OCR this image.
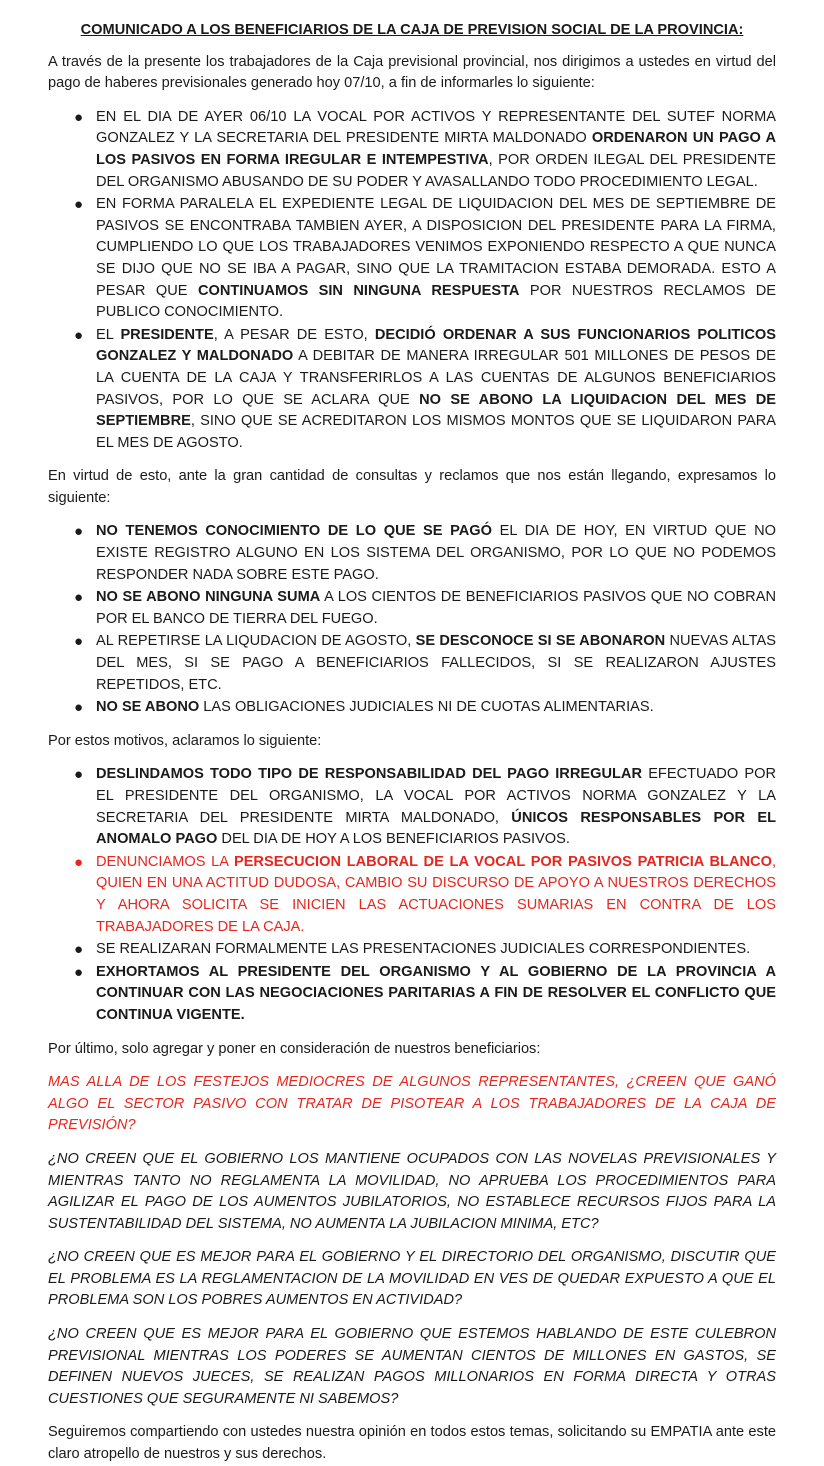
COMUNICADO A LOS BENEFICIARIOS DE LA CAJA DE PREVISION SOCIAL DE LA PROVINCIA:

A través de la presente los trabajadores de la Caja previsional provincial, nos dirigimos a ustedes en virtud del pago de haberes previsionales generado hoy 07/10, a fin de informarles lo siguiente:

● EN EL DIA DE AYER 06/10 LA VOCAL POR ACTIVOS Y REPRESENTANTE DEL SUTEF NORMA GONZALEZ Y LA SECRETARIA DEL PRESIDENTE MIRTA MALDONADO ORDENARON UN PAGO A LOS PASIVOS EN FORMA IREGULAR E INTEMPESTIVA, POR ORDEN ILEGAL DEL PRESIDENTE DEL ORGANISMO ABUSANDO DE SU PODER Y AVASALLANDO TODO PROCEDIMIENTO LEGAL.
● EN FORMA PARALELA EL EXPEDIENTE LEGAL DE LIQUIDACION DEL MES DE SEPTIEMBRE DE PASIVOS SE ENCONTRABA TAMBIEN AYER, A DISPOSICION DEL PRESIDENTE PARA LA FIRMA, CUMPLIENDO LO QUE LOS TRABAJADORES VENIMOS EXPONIENDO RESPECTO A QUE NUNCA SE DIJO QUE NO SE IBA A PAGAR, SINO QUE LA TRAMITACION ESTABA DEMORADA. ESTO A PESAR QUE CONTINUAMOS SIN NINGUNA RESPUESTA POR NUESTROS RECLAMOS DE PUBLICO CONOCIMIENTO.
● EL PRESIDENTE, A PESAR DE ESTO, DECIDIÓ ORDENAR A SUS FUNCIONARIOS POLITICOS GONZALEZ Y MALDONADO A DEBITAR DE MANERA IRREGULAR 501 MILLONES DE PESOS DE LA CUENTA DE LA CAJA Y TRANSFERIRLOS A LAS CUENTAS DE ALGUNOS BENEFICIARIOS PASIVOS, POR LO QUE SE ACLARA QUE NO SE ABONO LA LIQUIDACION DEL MES DE SEPTIEMBRE, SINO QUE SE ACREDITARON LOS MISMOS MONTOS QUE SE LIQUIDARON PARA EL MES DE AGOSTO.

En virtud de esto, ante la gran cantidad de consultas y reclamos que nos están llegando, expresamos lo siguiente:

● NO TENEMOS CONOCIMIENTO DE LO QUE SE PAGÓ EL DIA DE HOY, EN VIRTUD QUE NO EXISTE REGISTRO ALGUNO EN LOS SISTEMA DEL ORGANISMO, POR LO QUE NO PODEMOS RESPONDER NADA SOBRE ESTE PAGO.
● NO SE ABONO NINGUNA SUMA A LOS CIENTOS DE BENEFICIARIOS PASIVOS QUE NO COBRAN POR EL BANCO DE TIERRA DEL FUEGO.
● AL REPETIRSE LA LIQUDACION DE AGOSTO, SE DESCONOCE SI SE ABONARON NUEVAS ALTAS DEL MES, SI SE PAGO A BENEFICIARIOS FALLECIDOS, SI SE REALIZARON AJUSTES REPETIDOS, ETC.
● NO SE ABONO LAS OBLIGACIONES JUDICIALES NI DE CUOTAS ALIMENTARIAS.

Por estos motivos, aclaramos lo siguiente:

● DESLINDAMOS TODO TIPO DE RESPONSABILIDAD DEL PAGO IRREGULAR EFECTUADO POR EL PRESIDENTE DEL ORGANISMO, LA VOCAL POR ACTIVOS NORMA GONZALEZ Y LA SECRETARIA DEL PRESIDENTE MIRTA MALDONADO, ÚNICOS RESPONSABLES POR EL ANOMALO PAGO DEL DIA DE HOY A LOS BENEFICIARIOS PASIVOS.
● DENUNCIAMOS LA PERSECUCION LABORAL DE LA VOCAL POR PASIVOS PATRICIA BLANCO, QUIEN EN UNA ACTITUD DUDOSA, CAMBIO SU DISCURSO DE APOYO A NUESTROS DERECHOS Y AHORA SOLICITA SE INICIEN LAS ACTUACIONES SUMARIAS EN CONTRA DE LOS TRABAJADORES DE LA CAJA.
● SE REALIZARAN FORMALMENTE LAS PRESENTACIONES JUDICIALES CORRESPONDIENTES.
● EXHORTAMOS AL PRESIDENTE DEL ORGANISMO Y AL GOBIERNO DE LA PROVINCIA A CONTINUAR CON LAS NEGOCIACIONES PARITARIAS A FIN DE RESOLVER EL CONFLICTO QUE CONTINUA VIGENTE.

Por último, solo agregar y poner en consideración de nuestros beneficiarios:

MAS ALLA DE LOS FESTEJOS MEDIOCRES DE ALGUNOS REPRESENTANTES, ¿CREEN QUE GANÓ ALGO EL SECTOR PASIVO CON TRATAR DE PISOTEAR A LOS TRABAJADORES DE LA CAJA DE PREVISIÓN?

¿NO CREEN QUE EL GOBIERNO LOS MANTIENE OCUPADOS CON LAS NOVELAS PREVISIONALES Y MIENTRAS TANTO NO REGLAMENTA LA MOVILIDAD, NO APRUEBA LOS PROCEDIMIENTOS PARA AGILIZAR EL PAGO DE LOS AUMENTOS JUBILATORIOS, NO ESTABLECE RECURSOS FIJOS PARA LA SUSTENTABILIDAD DEL SISTEMA, NO AUMENTA LA JUBILACION MINIMA, ETC?

¿NO CREEN QUE ES MEJOR PARA EL GOBIERNO Y EL DIRECTORIO DEL ORGANISMO, DISCUTIR QUE EL PROBLEMA ES LA REGLAMENTACION DE LA MOVILIDAD EN VES DE QUEDAR EXPUESTO A QUE EL PROBLEMA SON LOS POBRES AUMENTOS EN ACTIVIDAD?

¿NO CREEN QUE ES MEJOR PARA EL GOBIERNO QUE ESTEMOS HABLANDO DE ESTE CULEBRON PREVISIONAL MIENTRAS LOS PODERES SE AUMENTAN CIENTOS DE MILLONES EN GASTOS, SE DEFINEN NUEVOS JUECES, SE REALIZAN PAGOS MILLONARIOS EN FORMA DIRECTA Y OTRAS CUESTIONES QUE SEGURAMENTE NI SABEMOS?

Seguiremos compartiendo con ustedes nuestra opinión en todos estos temas, solicitando su EMPATIA ante este claro atropello de nuestros y sus derechos.
